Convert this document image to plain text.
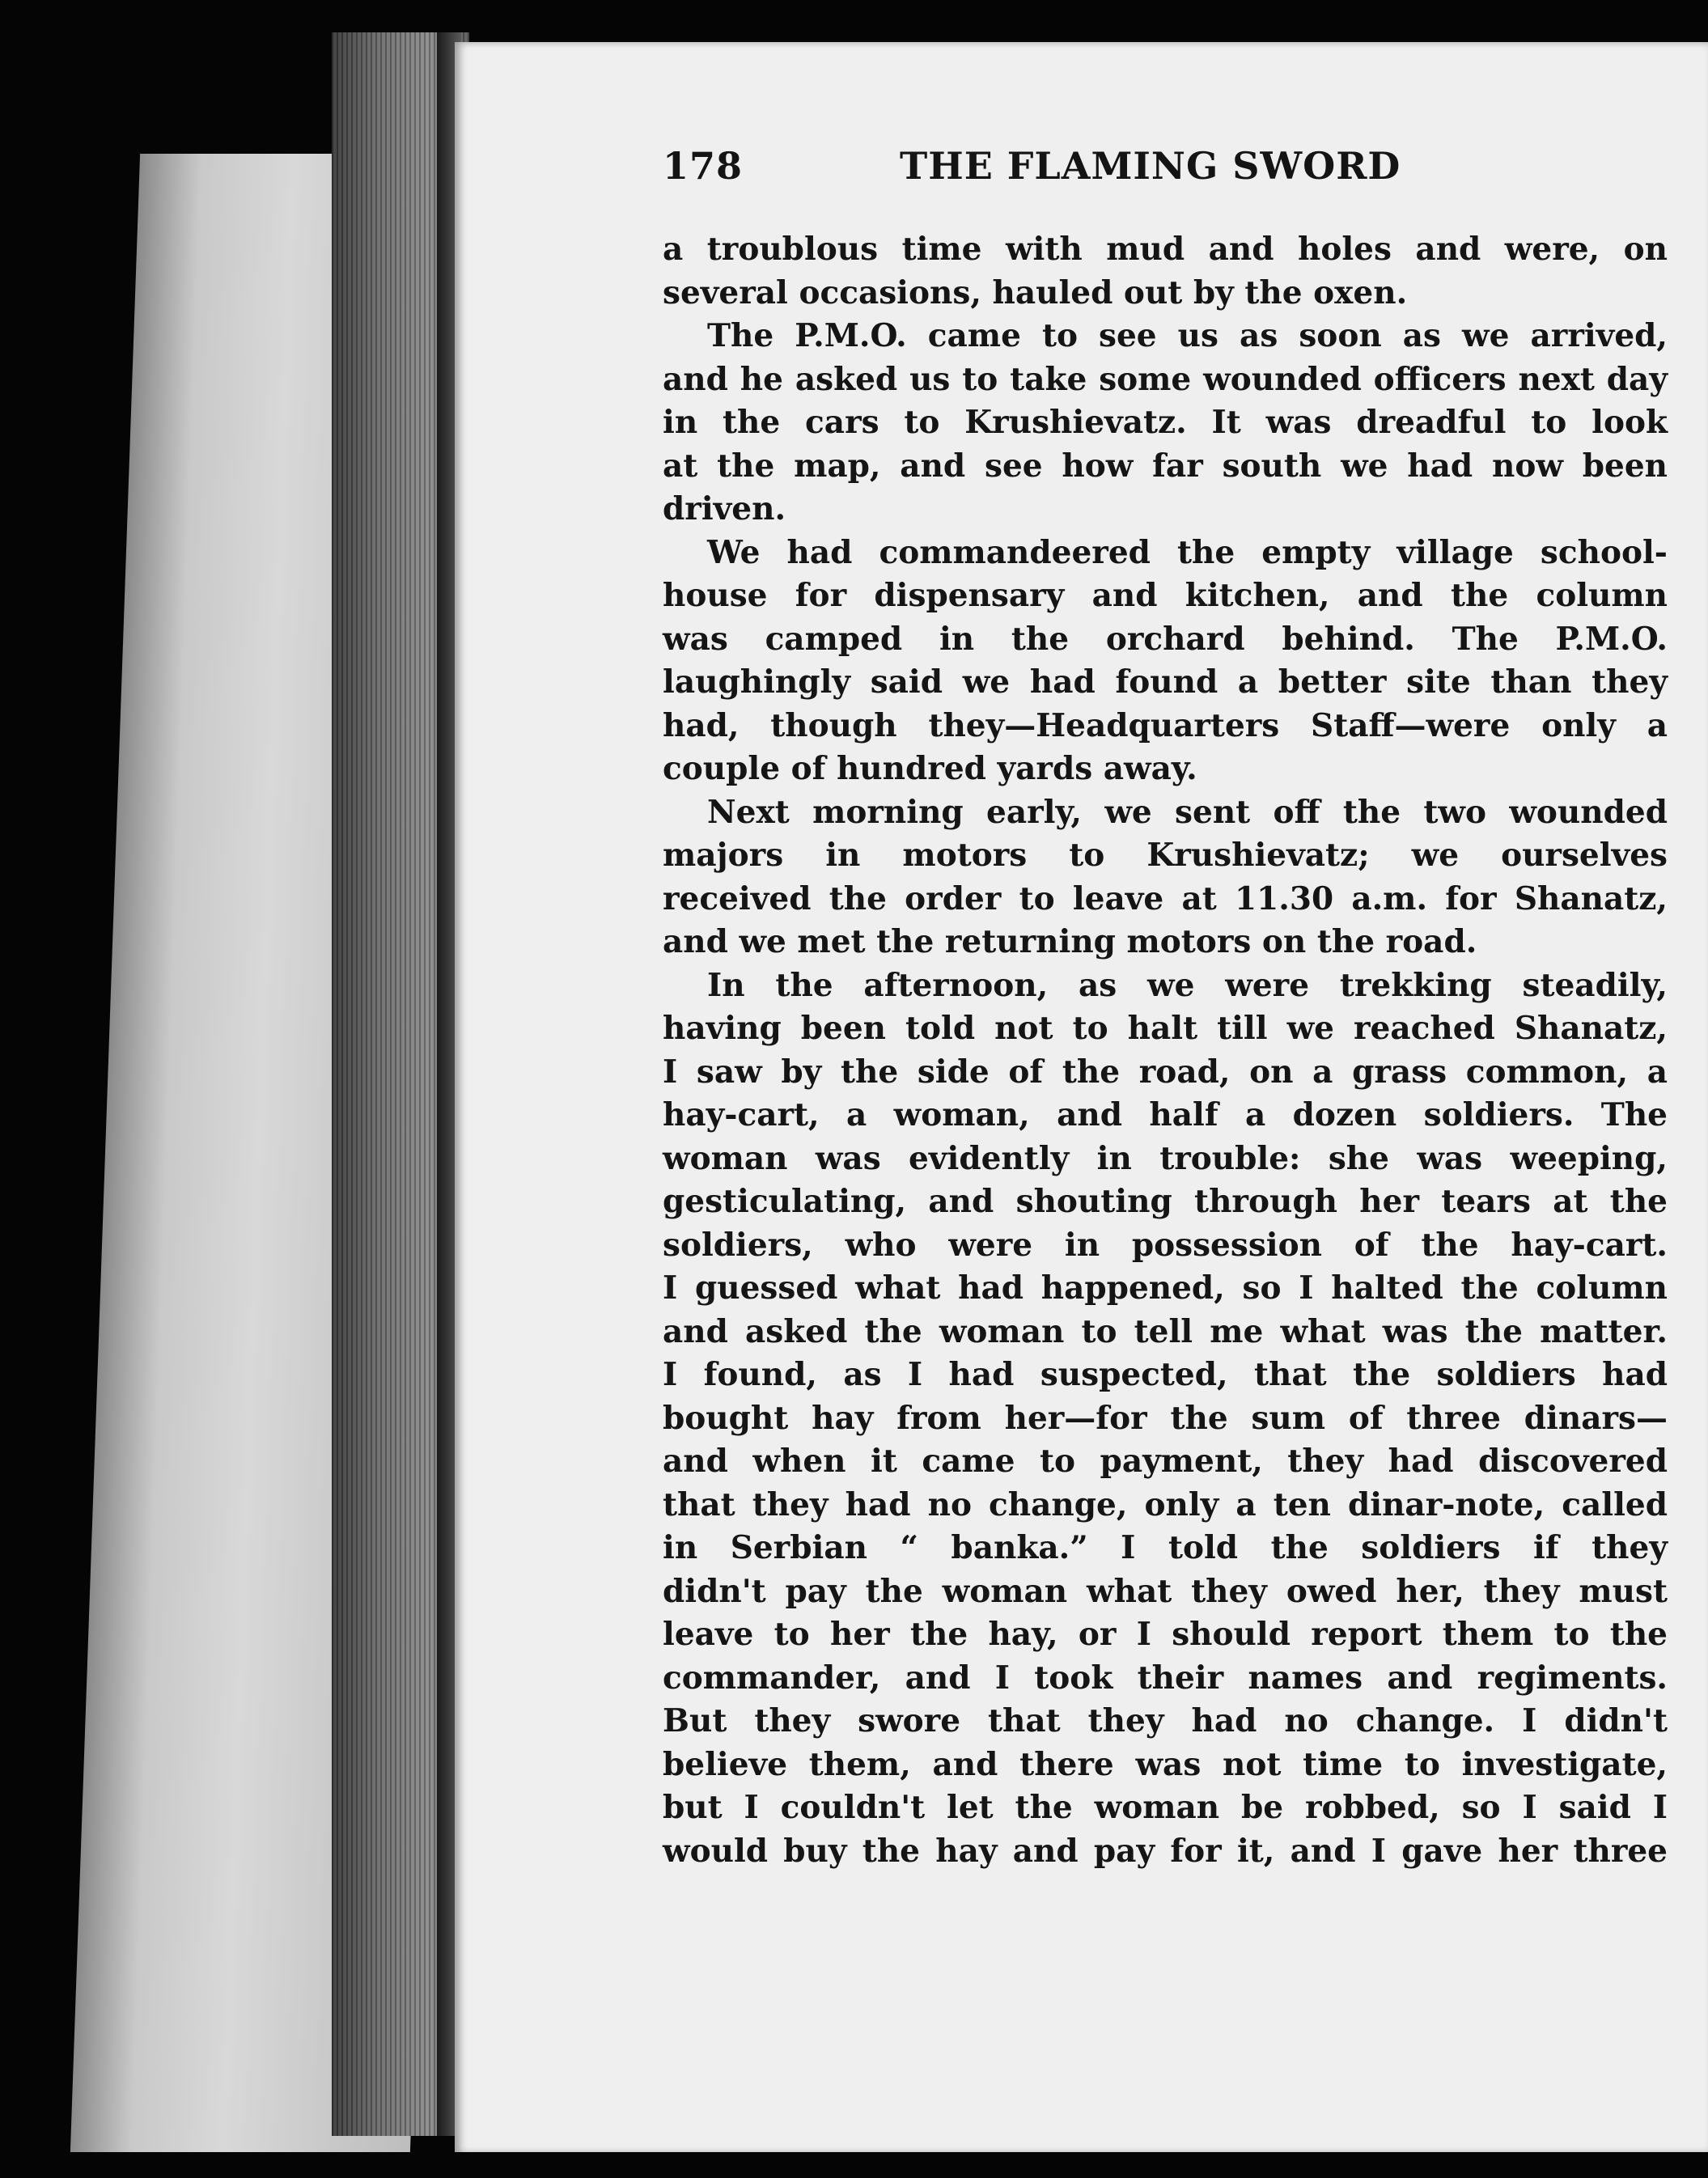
178	THE FLAMING SWORD
a troublous time with mud and holes and were, on
several occasions, hauled out by the oxen.
The P.M.O. came to see us as soon as we arrived,
and he asked us to take some wounded officers next day
in the cars to Krushievatz. It was dreadful to look
at the map, and see how far south we had now been
driven.
We had commandeered the empty village school-
house for dispensary and kitchen, and the column
was camped in the orchard behind. The P.M.O.
laughingly said we had found a better site than they
had, though they—Headquarters Staff—were only a
couple of hundred yards away.
Next morning early, we sent off the two wounded
majors in motors to Krushievatz; we ourselves
received the order to leave at 11.30 a.m. for Shanatz,
and we met the returning motors on the road.
In the afternoon, as we were trekking steadily,
having been told not to halt till we reached Shanatz,
I saw by the side of the road, on a grass common, a
hay-cart, a woman, and half a dozen soldiers. The
woman was evidently in trouble: she was weeping,
gesticulating, and shouting through her tears at the
soldiers, who were in possession of the hay-cart.
I guessed what had happened, so I halted the column
and asked the woman to tell me what was the matter.
I found, as I had suspected, that the soldiers had
bought hay from her—for the sum of three dinars—
and when it came to payment, they had discovered
that they had no change, only a ten dinar-note, called
in Serbian “ banka.” I told the soldiers if they
didn't pay the woman what they owed her, they must
leave to her the hay, or I should report them to the
commander, and I took their names and regiments.
But they swore that they had no change. I didn't
believe them, and there was not time to investigate,
but I couldn't let the woman be robbed, so I said I
would buy the hay and pay for it, and I gave her three
